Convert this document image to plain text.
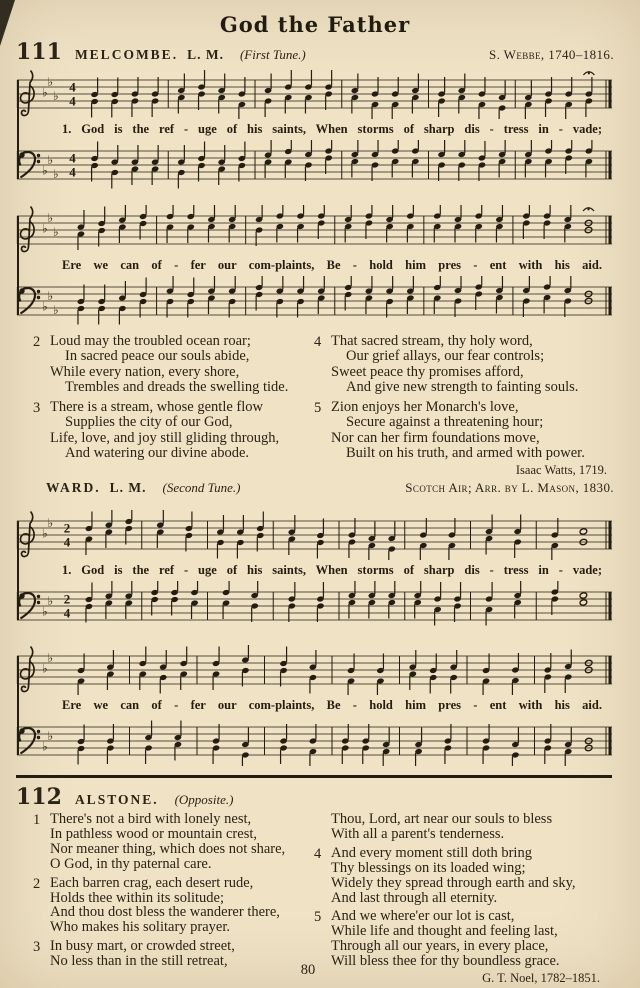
God the Father
111 MELCOMBE. L. M. (First Tune.)	S. Webbe, 1740–1816.
♭
♭
♭
4
4
1. God is the ref - uge of his saints, When storms of sharp dis - tress in - vade;
♭
♭
♭
4
4
♭
♭
♭
Ere we can of - fer our com-plaints, Be - hold him pres - ent with his aid.
♭
♭
♭
2 Loud may the troubled ocean roar;
In sacred peace our souls abide,
While every nation, every shore,
Trembles and dreads the swelling tide.
3 There is a stream, whose gentle flow
Supplies the city of our God,
Life, love, and joy still gliding through,
And watering our divine abode.
4 That sacred stream, thy holy word,
Our grief allays, our fear controls;
Sweet peace thy promises afford,
And give new strength to fainting souls.
5 Zion enjoys her Monarch's love,
Secure against a threatening hour;
Nor can her firm foundations move,
Built on his truth, and armed with power.
Isaac Watts, 1719.
WARD. L. M. (Second Tune.)	Scotch Air; Arr. by L. Mason, 1830.
♭
♭ 2
4
1. God is the ref - uge of his saints, When storms of sharp dis - tress in - vade;
♭
♭ 2
4
♭
♭
Ere we can of - fer our com-plaints, Be - hold him pres - ent with his aid.
♭
♭
112 ALSTONE. (Opposite.)
1 There's not a bird with lonely nest,
In pathless wood or mountain crest,
Nor meaner thing, which does not share,
O God, in thy paternal care.
2 Each barren crag, each desert rude,
Holds thee within its solitude;
And thou dost bless the wanderer there,
Who makes his solitary prayer.
3 In busy mart, or crowded street,
No less than in the still retreat,
Thou, Lord, art near our souls to bless
With all a parent's tenderness.
4 And every moment still doth bring
Thy blessings on its loaded wing;
Widely they spread through earth and sky,
And last through all eternity.
5 And we where'er our lot is cast,
While life and thought and feeling last,
Through all our years, in every place,
Will bless thee for thy boundless grace.
G. T. Noel, 1782–1851.
80
